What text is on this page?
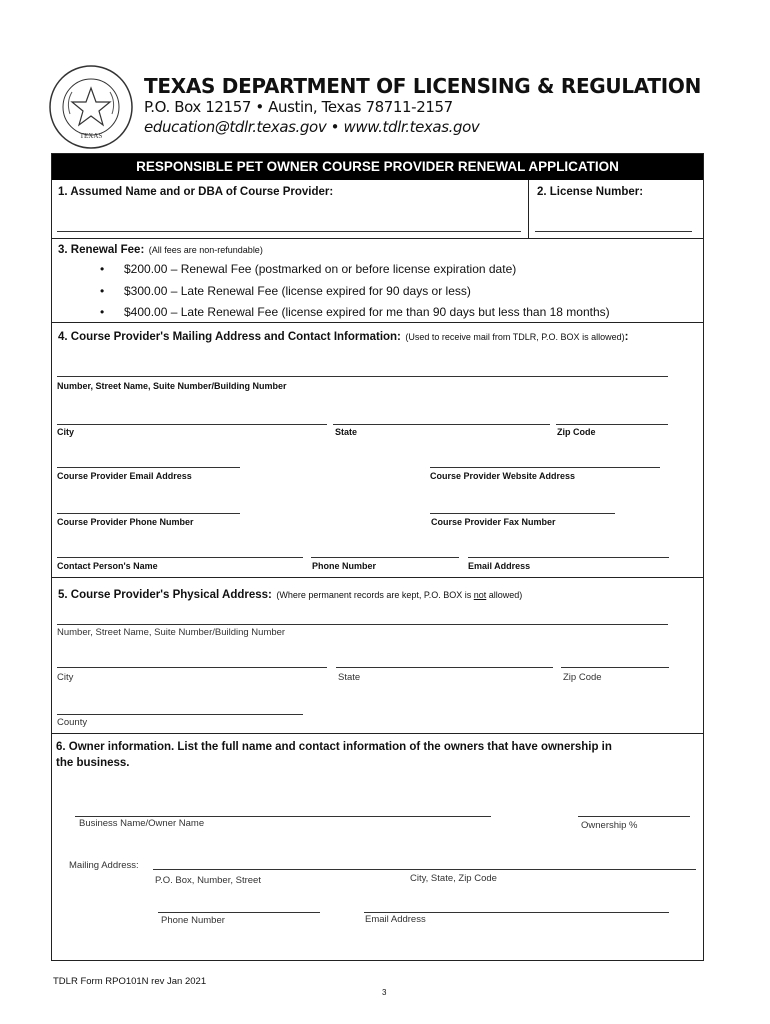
TEXAS
TEXAS DEPARTMENT OF LICENSING & REGULATION
P.O. Box 12157 • Austin, Texas 78711-2157
education@tdlr.texas.gov • www.tdlr.texas.gov
RESPONSIBLE PET OWNER COURSE PROVIDER RENEWAL APPLICATION
1. Assumed Name and or DBA of Course Provider:	2. License Number:
3. Renewal Fee: (All fees are non-refundable)
• $200.00 – Renewal Fee (postmarked on or before license expiration date)
• $300.00 – Late Renewal Fee (license expired for 90 days or less)
• $400.00 – Late Renewal Fee (license expired for me than 90 days but less than 18 months)
4. Course Provider's Mailing Address and Contact Information: (Used to receive mail from TDLR, P.O. BOX is allowed):
Number, Street Name, Suite Number/Building Number
City	State	Zip Code
Course Provider Email Address	Course Provider Website Address
Course Provider Phone Number	Course Provider Fax Number
Contact Person's Name	Phone Number	Email Address
5. Course Provider's Physical Address: (Where permanent records are kept, P.O. BOX is not allowed)
Number, Street Name, Suite Number/Building Number
City	State	Zip Code
County
6. Owner information. List the full name and contact information of the owners that have ownership in
the business.
Business Name/Owner Name	Ownership %
Mailing Address:
P.O. Box, Number, Street	City, State, Zip Code
Phone Number	Email Address
TDLR Form RPO101N rev Jan 2021
3
